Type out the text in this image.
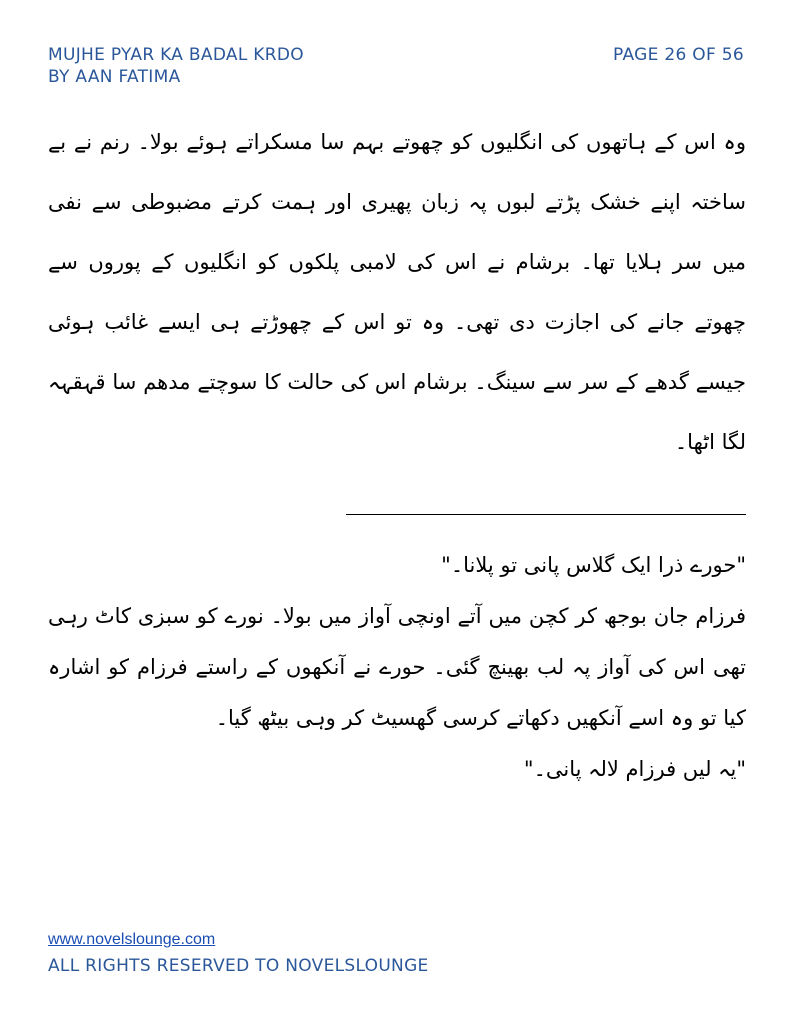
MUJHE PYAR KA BADAL KRDO
BY AAN FATIMA
PAGE 26 OF 56

وہ اس کے ہاتھوں کی انگلیوں کو چھوتے بہم سا مسکراتے ہوئے بولا۔ رنم نے بے ساختہ اپنے خشک پڑتے لبوں پہ زبان پھیری اور ہمت کرتے مضبوطی سے نفی میں سر ہلایا تھا۔ برشام نے اس کی لامبی پلکوں کو انگلیوں کے پوروں سے چھوتے جانے کی اجازت دی تھی۔ وہ تو اس کے چھوڑتے ہی ایسے غائب ہوئی جیسے گدھے کے سر سے سینگ۔ برشام اس کی حالت کا سوچتے مدھم سا قہقہہ لگا اٹھا۔

"حورے ذرا ایک گلاس پانی تو پلانا۔"

فرزام جان بوجھ کر کچن میں آتے اونچی آواز میں بولا۔ نورے کو سبزی کاٹ رہی تھی اس کی آواز پہ لب بھینچ گئی۔ حورے نے آنکھوں کے راستے فرزام کو اشارہ کیا تو وہ اسے آنکھیں دکھاتے کرسی گھسیٹ کر وہی بیٹھ گیا۔

"یہ لیں فرزام لالہ پانی۔"

www.novelslounge.com
ALL RIGHTS RESERVED TO NOVELSLOUNGE
